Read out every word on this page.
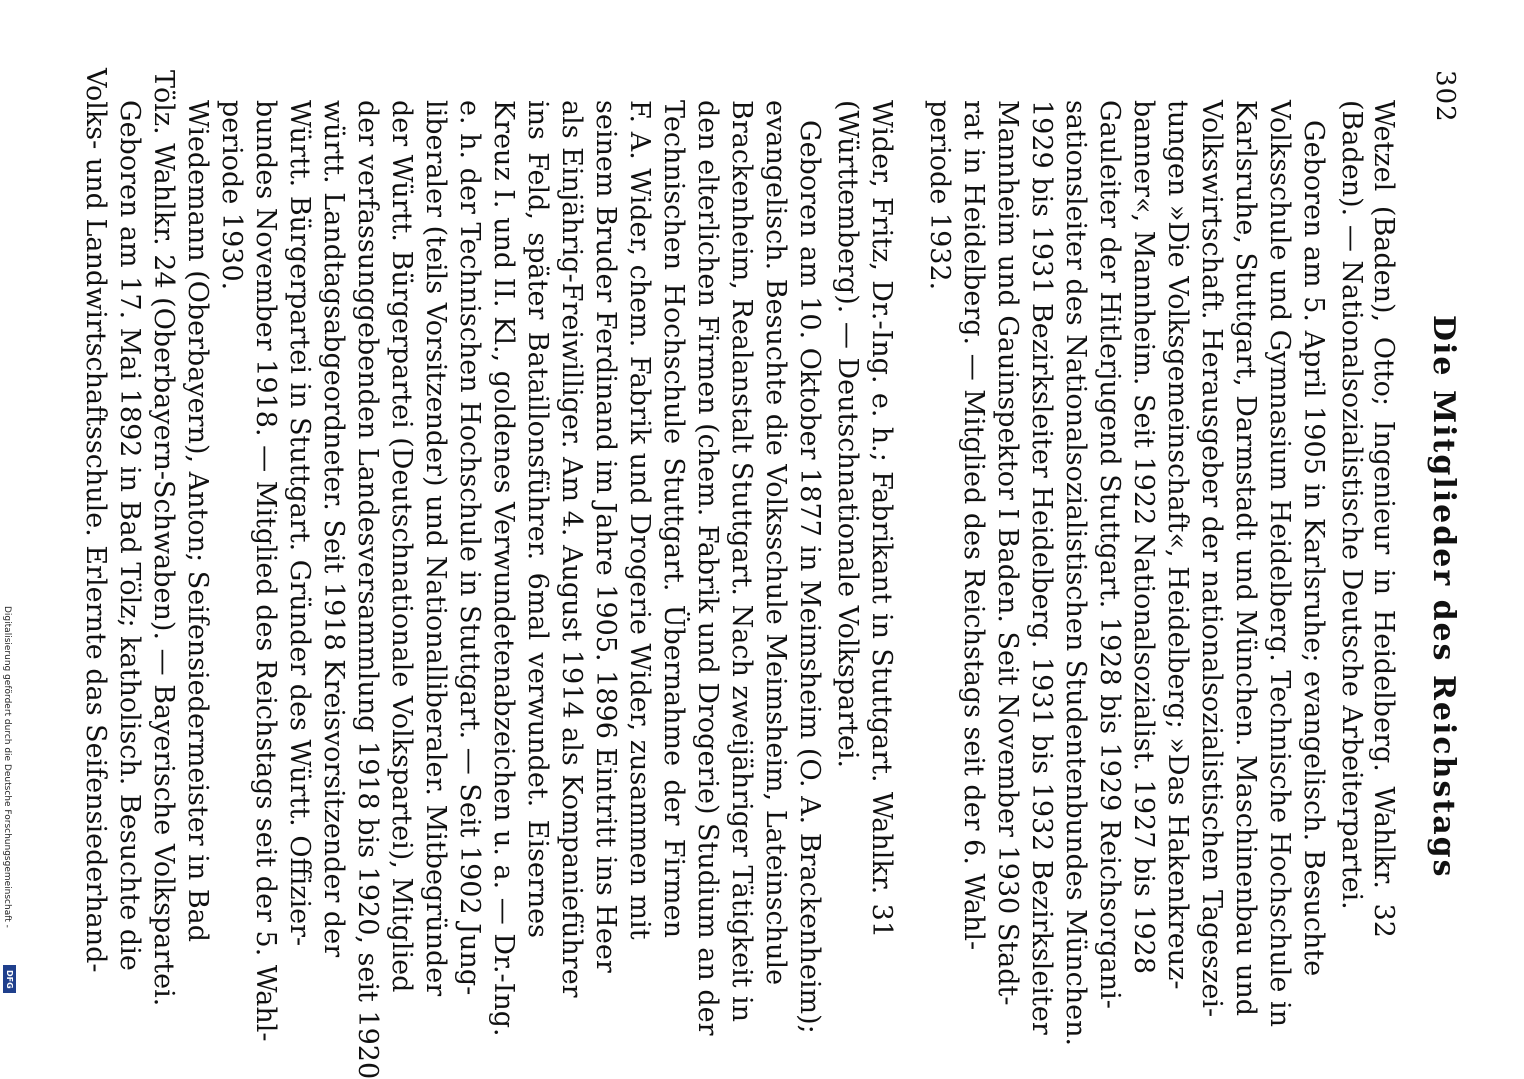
302
Die Mitglieder des Reichstags
Wetzel (Baden), Otto; Ingenieur in Heidelberg. Wahlkr. 32
(Baden). — Nationalsozialistische Deutsche Arbeiterpartei.
Geboren am 5. April 1905 in Karlsruhe; evangelisch. Besuchte
Volksschule und Gymnasium Heidelberg. Technische Hochschule in
Karlsruhe, Stuttgart, Darmstadt und München. Maschinenbau und
Volkswirtschaft. Herausgeber der nationalsozialistischen Tageszei-
tungen »Die Volksgemeinschaft«, Heidelberg; »Das Hakenkreuz-
banner«, Mannheim. Seit 1922 Nationalsozialist. 1927 bis 1928
Gauleiter der Hitlerjugend Stuttgart. 1928 bis 1929 Reichsorgani-
sationsleiter des Nationalsozialistischen Studentenbundes München.
1929 bis 1931 Bezirksleiter Heidelberg. 1931 bis 1932 Bezirksleiter
Mannheim und Gauinspektor I Baden. Seit November 1930 Stadt-
rat in Heidelberg. — Mitglied des Reichstags seit der 6. Wahl-
periode 1932.
Wider, Fritz, Dr.-Ing. e. h.; Fabrikant in Stuttgart. Wahlkr. 31
(Württemberg). — Deutschnationale Volkspartei.
Geboren am 10. Oktober 1877 in Meimsheim (O. A. Brackenheim);
evangelisch. Besuchte die Volksschule Meimsheim, Lateinschule
Brackenheim, Realanstalt Stuttgart. Nach zweijähriger Tätigkeit in
den elterlichen Firmen (chem. Fabrik und Drogerie) Studium an der
Technischen Hochschule Stuttgart. Übernahme der Firmen
F. A. Wider, chem. Fabrik und Drogerie Wider, zusammen mit
seinem Bruder Ferdinand im Jahre 1905. 1896 Eintritt ins Heer
als Einjährig-Freiwilliger. Am 4. August 1914 als Kompanieführer
ins Feld, später Bataillonsführer. 6mal verwundet. Eisernes
Kreuz I. und II. Kl., goldenes Verwundetenabzeichen u. a. — Dr.-Ing.
e. h. der Technischen Hochschule in Stuttgart. — Seit 1902 Jung-
liberaler (teils Vorsitzender) und Nationalliberaler. Mitbegründer
der Württ. Bürgerpartei (Deutschnationale Volkspartei), Mitglied
der verfassunggebenden Landesversammlung 1918 bis 1920, seit 1920
württ. Landtagsabgeordneter. Seit 1918 Kreisvorsitzender der
Württ. Bürgerpartei in Stuttgart. Gründer des Württ. Offizier-
bundes November 1918. — Mitglied des Reichstags seit der 5. Wahl-
periode 1930.
Wiedemann (Oberbayern), Anton; Seifensiedermeister in Bad
Tölz. Wahlkr. 24 (Oberbayern-Schwaben). — Bayerische Volkspartei.
Geboren am 17. Mai 1892 in Bad Tölz; katholisch. Besuchte die
Volks- und Landwirtschaftsschule. Erlernte das Seifensiederhand-
Digitalisierung gefördert durch die Deutsche Forschungsgemeinschaft -
DFG
